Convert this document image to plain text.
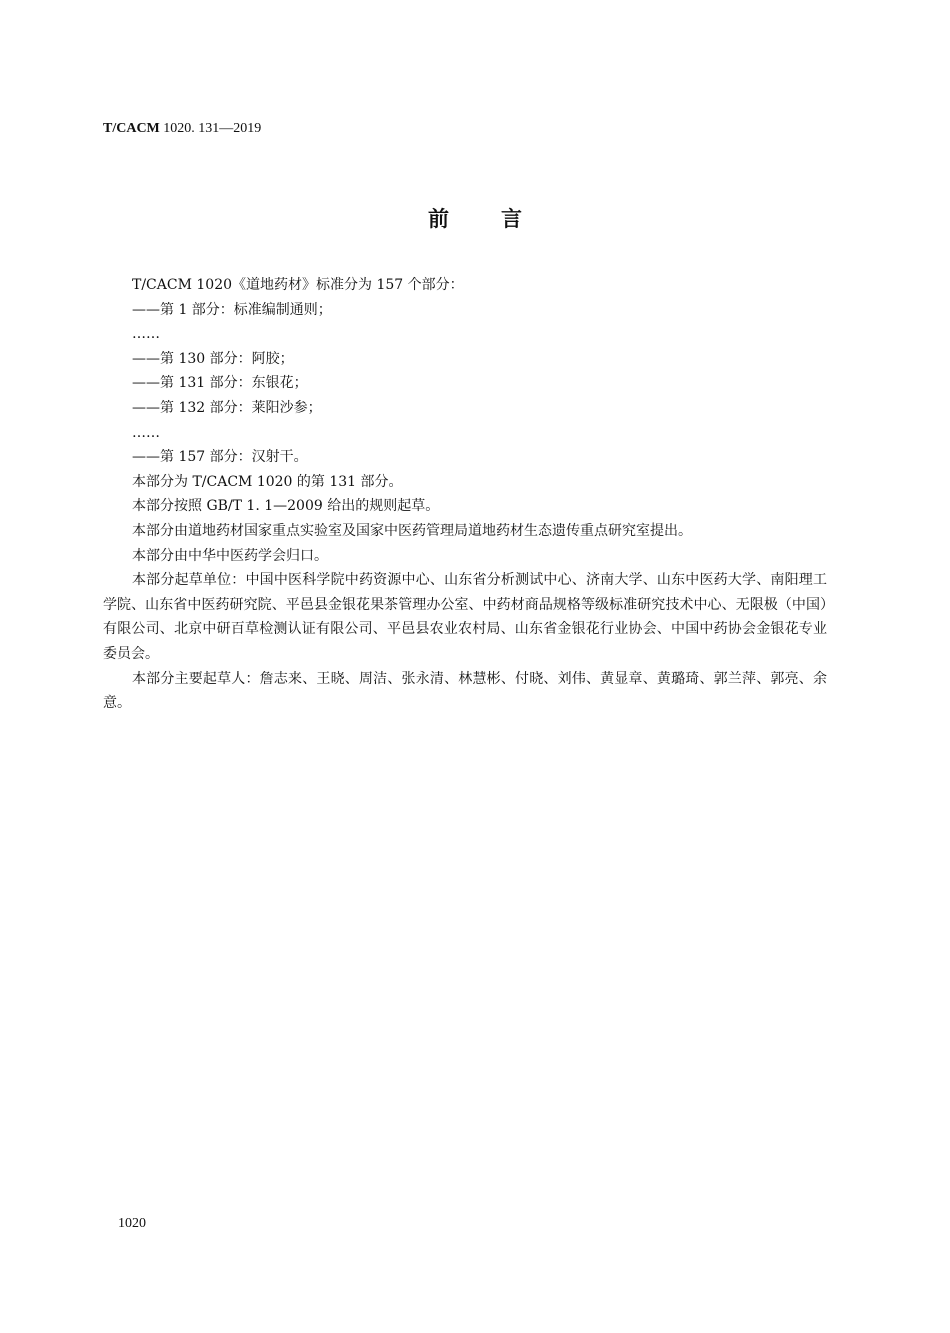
T/CACM 1020. 131—2019
前言

T/CACM 1020《道地药材》标准分为 157 个部分：

——第 1 部分：标准编制通则；

……

——第 130 部分：阿胶；

——第 131 部分：东银花；

——第 132 部分：莱阳沙参；

……

——第 157 部分：汉射干。

本部分为 T/CACM 1020 的第 131 部分。

本部分按照 GB/T 1. 1—2009 给出的规则起草。

本部分由道地药材国家重点实验室及国家中医药管理局道地药材生态遗传重点研究室提出。

本部分由中华中医药学会归口。

本部分起草单位：中国中医科学院中药资源中心、山东省分析测试中心、济南大学、山东中医药大学、南阳理工学院、山东省中医药研究院、平邑县金银花果茶管理办公室、中药材商品规格等级标准研究技术中心、无限极（中国）有限公司、北京中研百草检测认证有限公司、平邑县农业农村局、山东省金银花行业协会、中国中药协会金银花专业委员会。

本部分主要起草人：詹志来、王晓、周洁、张永清、林慧彬、付晓、刘伟、黄显章、黄璐琦、郭兰萍、郭亮、余意。

1020
